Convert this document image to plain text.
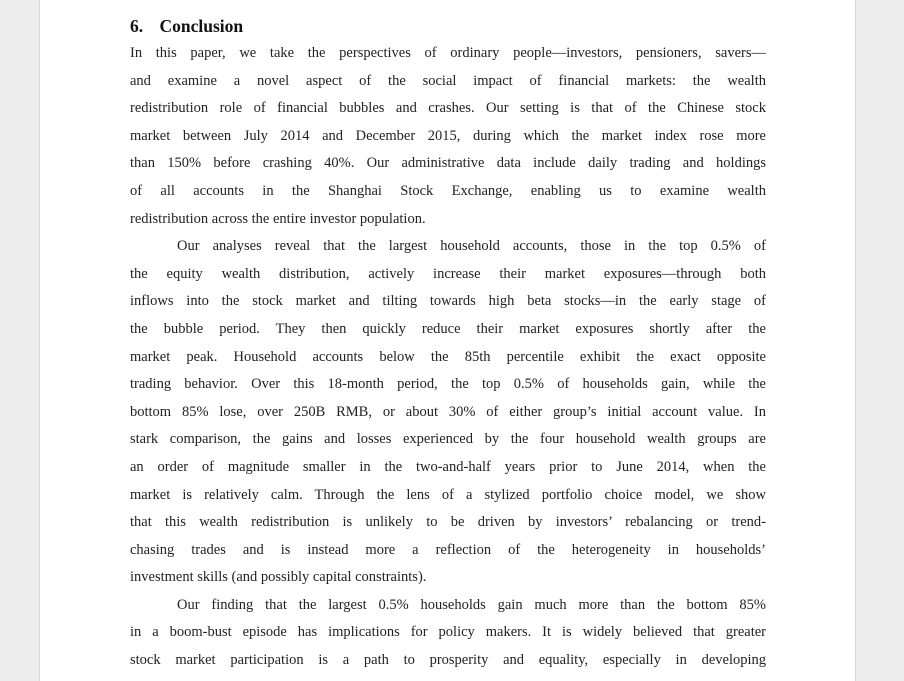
6. Conclusion
In this paper, we take the perspectives of ordinary people—investors, pensioners, savers—
and examine a novel aspect of the social impact of financial markets: the wealth
redistribution role of financial bubbles and crashes. Our setting is that of the Chinese stock
market between July 2014 and December 2015, during which the market index rose more
than 150% before crashing 40%. Our administrative data include daily trading and holdings
of all accounts in the Shanghai Stock Exchange, enabling us to examine wealth
redistribution across the entire investor population.
Our analyses reveal that the largest household accounts, those in the top 0.5% of
the equity wealth distribution, actively increase their market exposures—through both
inflows into the stock market and tilting towards high beta stocks—in the early stage of
the bubble period. They then quickly reduce their market exposures shortly after the
market peak. Household accounts below the 85th percentile exhibit the exact opposite
trading behavior. Over this 18-month period, the top 0.5% of households gain, while the
bottom 85% lose, over 250B RMB, or about 30% of either group’s initial account value. In
stark comparison, the gains and losses experienced by the four household wealth groups are
an order of magnitude smaller in the two-and-half years prior to June 2014, when the
market is relatively calm. Through the lens of a stylized portfolio choice model, we show
that this wealth redistribution is unlikely to be driven by investors’ rebalancing or trend-
chasing trades and is instead more a reflection of the heterogeneity in households’
investment skills (and possibly capital constraints).
Our finding that the largest 0.5% households gain much more than the bottom 85%
in a boom-bust episode has implications for policy makers. It is widely believed that greater
stock market participation is a path to prosperity and equality, especially in developing
